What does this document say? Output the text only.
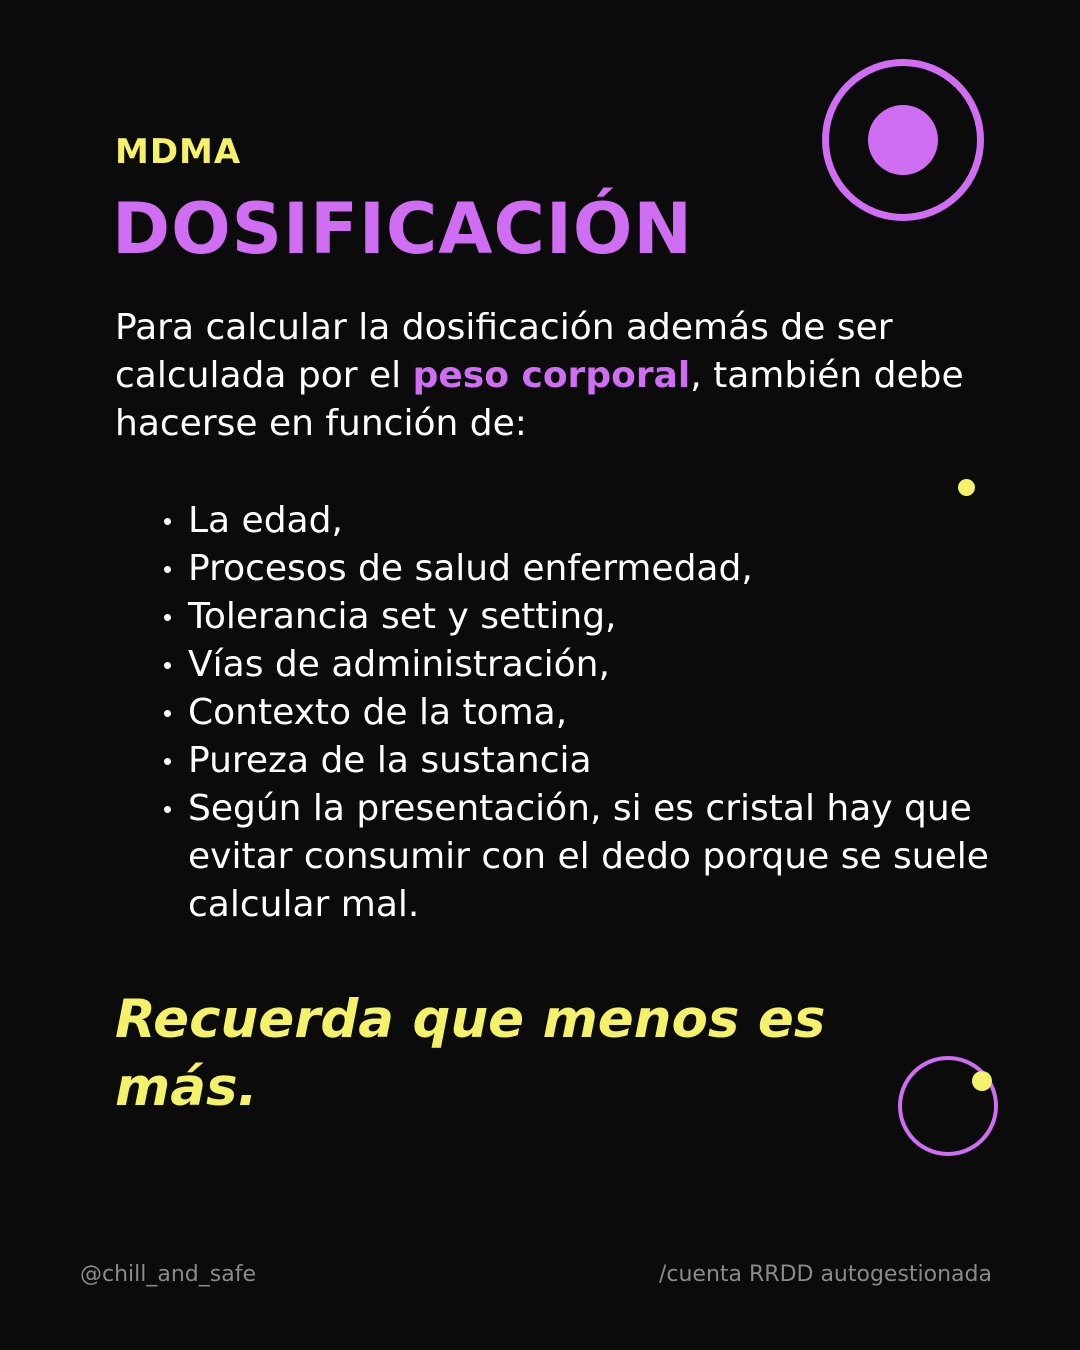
MDMA
DOSIFICACIÓN
Para calcular la dosificación además de ser calculada por el peso corporal, también debe hacerse en función de:
La edad,
Procesos de salud enfermedad,
Tolerancia set y setting,
Vías de administración,
Contexto de la toma,
Pureza de la sustancia
Según la presentación, si es cristal hay que evitar consumir con el dedo porque se suele calcular mal.
Recuerda que menos es más.
@chill_and_safe	/cuenta RRDD autogestionada
